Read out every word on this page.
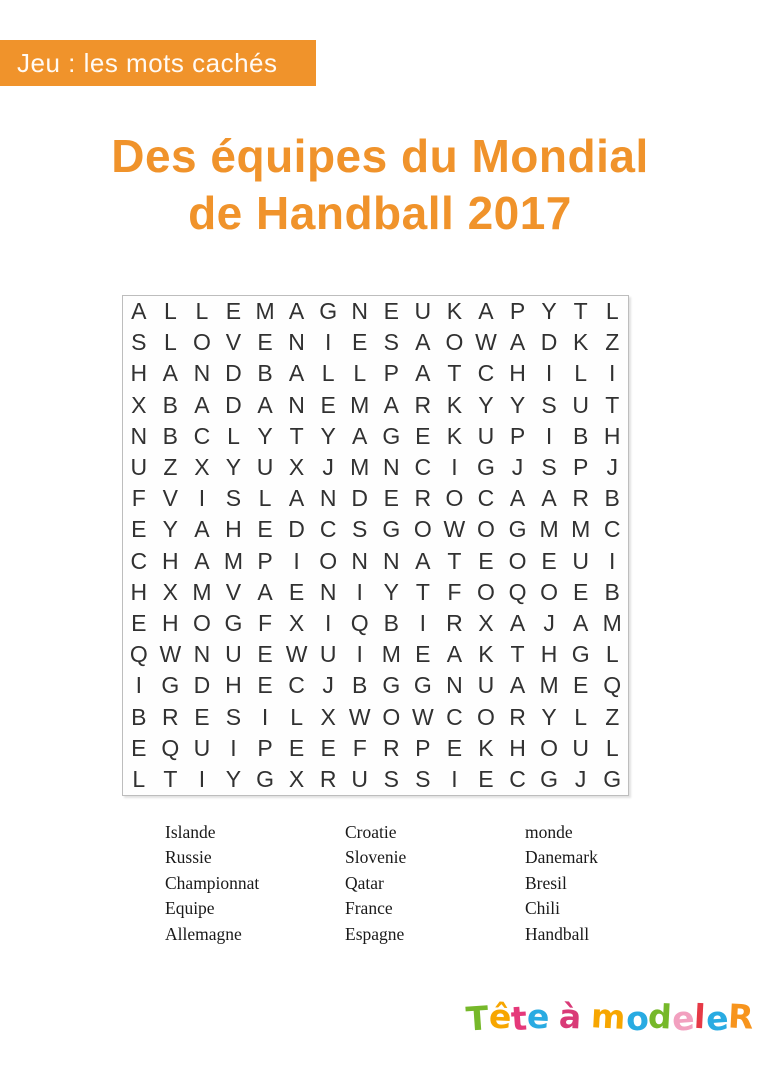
Jeu : les mots cachés
Des équipes du Mondial
de Handball 2017
A L L E M A G N E U K A P Y T L
S L O V E N I E S A O W A D K Z
H A N D B A L L P A T C H I L I
X B A D A N E M A R K Y Y S U T
N B C L Y T Y A G E K U P I B H
U Z X Y U X J M N C I G J S P J
F V I S L A N D E R O C A A R B
E Y A H E D C S G O W O G M M C
C H A M P I O N N A T E O E U I
H X M V A E N I Y T F O Q O E B
E H O G F X I Q B I R X A J A M
Q W N U E W U I M E A K T H G L
I G D H E C J B G G N U A M E Q
B R E S I L X W O W C O R Y L Z
E Q U I P E E F R P E K H O U L
L T I Y G X R U S S I E C G J G
Islande
Russie
Championnat
Equipe
Allemagne
Croatie
Slovenie
Qatar
France
Espagne
monde
Danemark
Bresil
Chili
Handball
Tête à modeleR
